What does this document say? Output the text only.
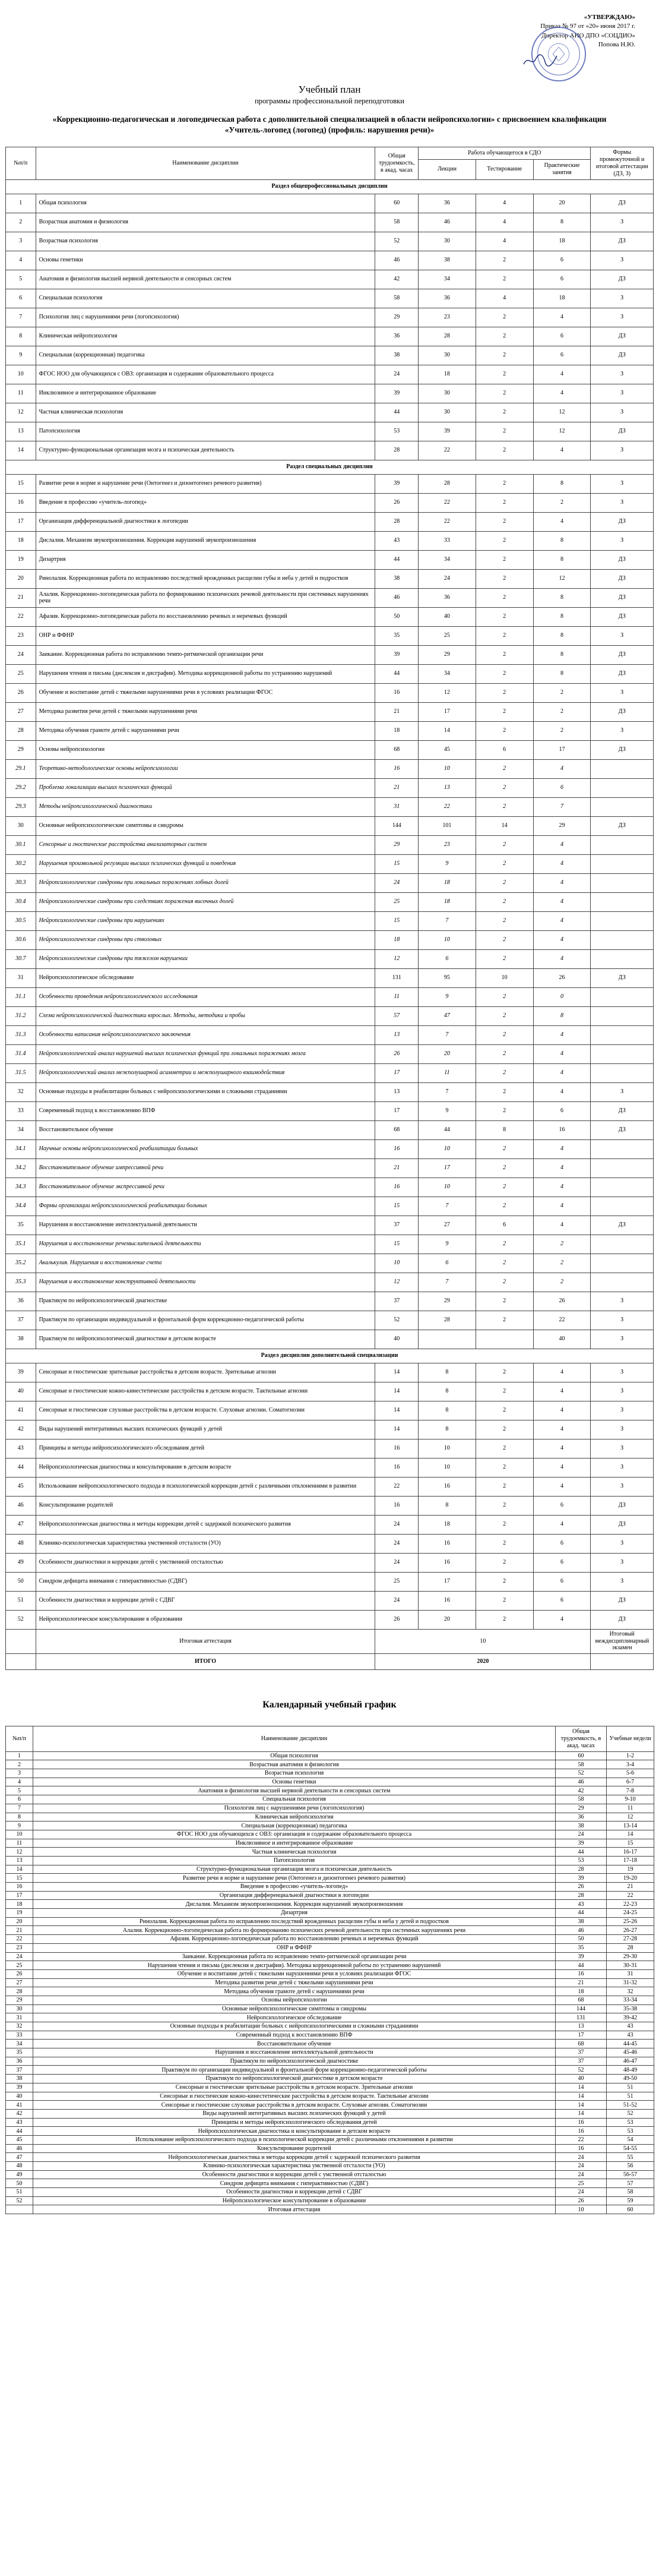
«УТВЕРЖДАЮ»
Приказ № 97 от «20» июня 2017 г.
Директор АНО ДПО «СОЦДИО»
Попова Н.Ю.
Учебный план
программы профессиональной переподготовки
«Коррекционно-педагогическая и логопедическая работа с дополнительной специализацией в области нейропсихологии» с присвоением квалификации «Учитель-логопед (логопед) (профиль: нарушения речи)»
№п/п	Наименование дисциплин	Общая трудоемкость, в акад. часах	Работа обучающегося в СДО			Формы промежуточной и итоговой аттестации (ДЗ, З)
			Лекции	Тестирование	Практические занятия	
Раздел общепрофессиональных дисциплин						
1	Общая психология	60	36	4	20	ДЗ
2	Возрастная анатомия и физиология	58	46	4	8	З
3	Возрастная психология	52	30	4	18	ДЗ
4	Основы генетики	46	38	2	6	З
5	Анатомия и физиология высшей нервной деятельности и сенсорных систем	42	34	2	6	ДЗ
6	Специальная психология	58	36	4	18	З
7	Психология лиц с нарушениями речи (логопсихология)	29	23	2	4	З
8	Клиническая нейропсихология	36	28	2	6	ДЗ
9	Специальная (коррекционная) педагогика	38	30	2	6	ДЗ
10	ФГОС НОО для обучающихся с ОВЗ: организация и содержание образовательного процесса	24	18	2	4	З
11	Инклюзивное и интегрированное образование	39	30	2	4	З
12	Частная клиническая психология	44	30	2	12	З
13	Патопсихология	53	39	2	12	ДЗ
14	Структурно-функциональная организация мозга и психическая деятельность	28	22	2	4	З
Раздел специальных дисциплин						
15	Развитие речи в норме и нарушение речи (Онтогенез и дизонтогенез речевого развития)	39	28	2	8	З
16	Введение в профессию «учитель-логопед»	26	22	2	2	З
17	Организация дифференциальной диагностики в логопедии	28	22	2	4	ДЗ
18	Дислалия. Механизм звукопроизношения. Коррекция нарушений звукопроизношения	43	33	2	8	З
19	Дизартрия	44	34	2	8	ДЗ
20	Ринолалия. Коррекционная работа по исправлению последствий врожденных расщелин губы и неба у детей и подростков	38	24	2	12	ДЗ
21	Алалия. Коррекционно-логопедическая работа по формированию психических речевой деятельности при системных нарушениях речи	46	36	2	8	ДЗ
22	Афазия. Коррекционно-логопедическая работа по восстановлению речевых и неречевых функций	50	40	2	8	ДЗ
23	ОНР и ФФНР	35	25	2	8	З
24	Заикание. Коррекционная работа по исправлению темпо-ритмической организации речи	39	29	2	8	ДЗ
25	Нарушения чтения и письма (дислексия и дисграфия). Методика коррекционной работы по устранению нарушений	44	34	2	8	ДЗ
26	Обучение и воспитание детей с тяжелыми нарушениями речи в условиях реализации ФГОС	16	12	2	2	З
27	Методика развития речи детей с тяжелыми нарушениями речи	21	17	2	2	ДЗ
28	Методика обучения грамоте детей с нарушениями речи	18	14	2	2	З
29	Основы нейропсихологии	68	45	6	17	ДЗ
29.1	Теоретико-методологические основы нейропсихологии	16	10	2	4	
29.2	Проблема локализации высших психических функций	21	13	2	6	
29.3	Методы нейропсихологической диагностики	31	22	2	7	
30	Основные нейропсихологические симптомы и синдромы	144	101	14	29	ДЗ
30.1	Сенсорные и гностические расстройства анализаторных систем	29	23	2	4	
30.2	Нарушения произвольной регуляции высших психических функций и поведения	15	9	2	4	
30.3	Нейропсихологические синдромы при локальных поражениях лобных долей	24	18	2	4	
30.4	Нейропсихологические синдромы при следствиях поражения височных долей	25	18	2	4	
30.5	Нейропсихологические синдромы при нарушениях	15	7	2	4	
30.6	Нейропсихологические синдромы при стволовых	18	10	2	4	
30.7	Нейропсихологические синдромы при тяжелом нарушении	12	6	2	4	
31	Нейропсихологическое обследование	131	95	10	26	ДЗ
31.1	Особенности проведения нейропсихологического исследования	11	9	2	0	
31.2	Схема нейропсихологической диагностики взрослых. Методы, методики и пробы	57	47	2	8	
31.3	Особенности написания нейропсихологического заключения	13	7	2	4	
31.4	Нейропсихологический анализ нарушений высших психических функций при локальных поражениях мозга	26	20	2	4	
31.5	Нейропсихологический анализ межполушарной асимметрии и межполушарного взаимодействия	17	11	2	4	
32	Основные подходы в реабилитации больных с нейропсихологическими и сложными страданиями	13	7	2	4	З
33	Современный подход к восстановлению ВПФ	17	9	2	6	ДЗ
34	Восстановительное обучение	68	44	8	16	ДЗ
34.1	Научные основы нейропсихологической реабилитации больных	16	10	2	4	
34.2	Восстановительное обучение импрессивной речи	21	17	2	4	
34.3	Восстановительное обучение экспрессивной речи	16	10	2	4	
34.4	Формы организации нейропсихологической реабилитации больных	15	7	2	4	
35	Нарушения и восстановление интеллектуальной деятельности	37	27	6	4	ДЗ
35.1	Нарушения и восстановление речемыслительной деятельности	15	9	2	2	
35.2	Акалькулия. Нарушения и восстановление счета	10	6	2	2	
35.3	Нарушения и восстановление конструктивной деятельности	12	7	2	2	
36	Практикум по нейропсихологической диагностике	37	29	2	26	З
37	Практикум по организации индивидуальной и фронтальной форм коррекционно-педагогической работы	52	28	2	22	З
38	Практикум по нейропсихологической диагностике в детском возрасте	40			40	З
Раздел дисциплин дополнительной специализации						
39	Сенсорные и гностические зрительные расстройства в детском возрасте. Зрительные агнозии	14	8	2	4	З
40	Сенсорные и гностические кожно-кинестетические расстройства в детском возрасте. Тактильные агнозии	14	8	2	4	З
41	Сенсорные и гностические слуховые расстройства в детском возрасте. Слуховые агнозии. Соматогнозии	14	8	2	4	З
42	Виды нарушений интегративных высших психических функций у детей	14	8	2	4	З
43	Принципы и методы нейропсихологического обследования детей	16	10	2	4	З
44	Нейропсихологическая диагностика и консультирование в детском возрасте	16	10	2	4	З
45	Использование нейропсихологического подхода в психологической коррекции детей с различными отклонениями в развитии	22	16	2	4	З
46	Консультирование родителей	16	8	2	6	ДЗ
47	Нейропсихологическая диагностика и методы коррекции детей с задержкой психического развития	24	18	2	4	ДЗ
48	Клинико-психологическая характеристика умственной отсталости (УО)	24	16	2	6	З
49	Особенности диагностики и коррекции детей с умственной отсталостью	24	16	2	6	З
50	Синдром дефицита внимания с гиперактивностью (СДВГ)	25	17	2	6	З
51	Особенности диагностики и коррекции детей с СДВГ	24	16	2	6	ДЗ
52	Нейропсихологическое консультирование в образовании	26	20	2	4	ДЗ
	Итоговая аттестация	10				Итоговый междисциплинарный экзамен
	ИТОГО	2020				
Календарный учебный график
№п/п	Наименование дисциплин	Общая трудоемкость, в акад. часах	Учебные недели
1	Общая психология	60	1-2
2	Возрастная анатомия и физиология	58	3-4
3	Возрастная психология	52	5-6
4	Основы генетики	46	6-7
5	Анатомия и физиология высшей нервной деятельности и сенсорных систем	42	7-8
6	Специальная психология	58	9-10
7	Психология лиц с нарушениями речи (логопсихология)	29	11
8	Клиническая нейропсихология	36	12
9	Специальная (коррекционная) педагогика	38	13-14
10	ФГОС НОО для обучающихся с ОВЗ: организация и содержание образовательного процесса	24	14
11	Инклюзивное и интегрированное образование	39	15
12	Частная клиническая психология	44	16-17
13	Патопсихология	53	17-18
14	Структурно-функциональная организация мозга и психическая деятельность	28	19
15	Развитие речи в норме и нарушение речи (Онтогенез и дизонтогенез речевого развития)	39	19-20
16	Введение в профессию «учитель-логопед»	26	21
17	Организация дифференциальной диагностики в логопедии	28	22
18	Дислалия. Механизм звукопроизношения. Коррекция нарушений звукопроизношения	43	22-23
19	Дизартрия	44	24-25
20	Ринолалия. Коррекционная работа по исправлению последствий врожденных расщелин губы и неба у детей и подростков	38	25-26
21	Алалия. Коррекционно-логопедическая работа по формированию психических речевой деятельности при системных нарушениях речи	46	26-27
22	Афазия. Коррекционно-логопедическая работа по восстановлению речевых и неречевых функций	50	27-28
23	ОНР и ФФНР	35	28
24	Заикание. Коррекционная работа по исправлению темпо-ритмической организации речи	39	29-30
25	Нарушения чтения и письма (дислексия и дисграфия). Методика коррекционной работы по устранению нарушений	44	30-31
26	Обучение и воспитание детей с тяжелыми нарушениями речи в условиях реализации ФГОС	16	31
27	Методика развития речи детей с тяжелыми нарушениями речи	21	31-32
28	Методика обучения грамоте детей с нарушениями речи	18	32
29	Основы нейропсихологии	68	33-34
30	Основные нейропсихологические симптомы и синдромы	144	35-38
31	Нейропсихологическое обследование	131	39-42
32	Основные подходы в реабилитации больных с нейропсихологическими и сложными страданиями	13	43
33	Современный подход к восстановлению ВПФ	17	43
34	Восстановительное обучение	68	44-45
35	Нарушения и восстановление интеллектуальной деятельности	37	45-46
36	Практикум по нейропсихологической диагностике	37	46-47
37	Практикум по организации индивидуальной и фронтальной форм коррекционно-педагогической работы	52	48-49
38	Практикум по нейропсихологической диагностике в детском возрасте	40	49-50
39	Сенсорные и гностические зрительные расстройства в детском возрасте. Зрительные агнозии	14	51
40	Сенсорные и гностические кожно-кинестетические расстройства в детском возрасте. Тактильные агнозии	14	51
41	Сенсорные и гностические слуховые расстройства в детском возрасте. Слуховые агнозии. Соматогнозии	14	51-52
42	Виды нарушений интегративных высших психических функций у детей	14	52
43	Принципы и методы нейропсихологического обследования детей	16	53
44	Нейропсихологическая диагностика и консультирование в детском возрасте	16	53
45	Использование нейропсихологического подхода в психологической коррекции детей с различными отклонениями в развитии	22	54
46	Консультирование родителей	16	54-55
47	Нейропсихологическая диагностика и методы коррекции детей с задержкой психического развития	24	55
48	Клинико-психологическая характеристика умственной отсталости (УО)	24	56
49	Особенности диагностики и коррекции детей с умственной отсталостью	24	56-57
50	Синдром дефицита внимания с гиперактивностью (СДВГ)	25	57
51	Особенности диагностики и коррекции детей с СДВГ	24	58
52	Нейропсихологическое консультирование в образовании	26	59
	Итоговая аттестация	10	60
